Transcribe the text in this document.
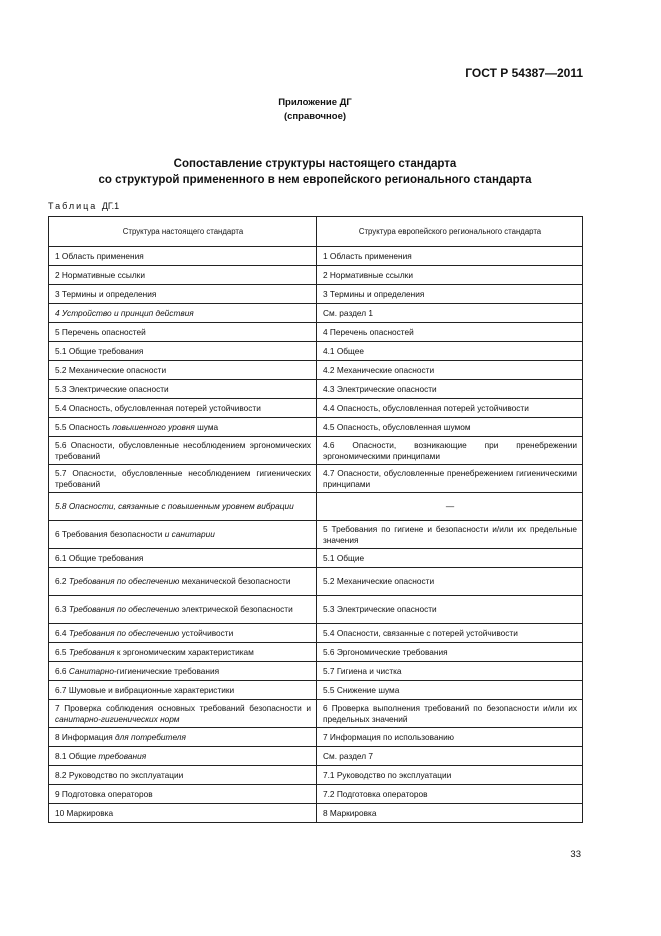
ГОСТ Р 54387—2011
Приложение ДГ
(справочное)
Сопоставление структуры настоящего стандарта
со структурой примененного в нем европейского регионального стандарта
Таблица ДГ.1
Структура настоящего стандарта	Структура европейского регионального стандарта
1 Область применения	1 Область применения
2 Нормативные ссылки	2 Нормативные ссылки
3 Термины и определения	3 Термины и определения
4 Устройство и принцип действия	См. раздел 1
5 Перечень опасностей	4 Перечень опасностей
5.1 Общие требования	4.1 Общее
5.2 Механические опасности	4.2 Механические опасности
5.3 Электрические опасности	4.3 Электрические опасности
5.4 Опасность, обусловленная потерей устойчивости	4.4 Опасность, обусловленная потерей устойчивости
5.5 Опасность повышенного уровня шума	4.5 Опасность, обусловленная шумом
5.6 Опасности, обусловленные несоблюдением эргономических требований	4.6 Опасности, возникающие при пренебрежении эргономическими принципами
5.7 Опасности, обусловленные несоблюдением гигиенических требований	4.7 Опасности, обусловленные пренебрежением гигиеническими принципами
5.8 Опасности, связанные с повышенным уровнем вибрации	—
6 Требования безопасности и санитарии	5 Требования по гигиене и безопасности и/или их предельные значения
6.1 Общие требования	5.1 Общие
6.2 Требования по обеспечению механической безопасности	5.2 Механические опасности
6.3 Требования по обеспечению электрической безопасности	5.3 Электрические опасности
6.4 Требования по обеспечению устойчивости	5.4 Опасности, связанные с потерей устойчивости
6.5 Требования к эргономическим характеристикам	5.6 Эргономические требования
6.6 Санитарно-гигиенические требования	5.7 Гигиена и чистка
6.7 Шумовые и вибрационные характеристики	5.5 Снижение шума
7 Проверка соблюдения основных требований безопасности и санитарно-гигиенических норм	6 Проверка выполнения требований по безопасности и/или их предельных значений
8 Информация для потребителя	7 Информация по использованию
8.1 Общие требования	См. раздел 7
8.2 Руководство по эксплуатации	7.1 Руководство по эксплуатации
9 Подготовка операторов	7.2 Подготовка операторов
10 Маркировка	8 Маркировка
33
